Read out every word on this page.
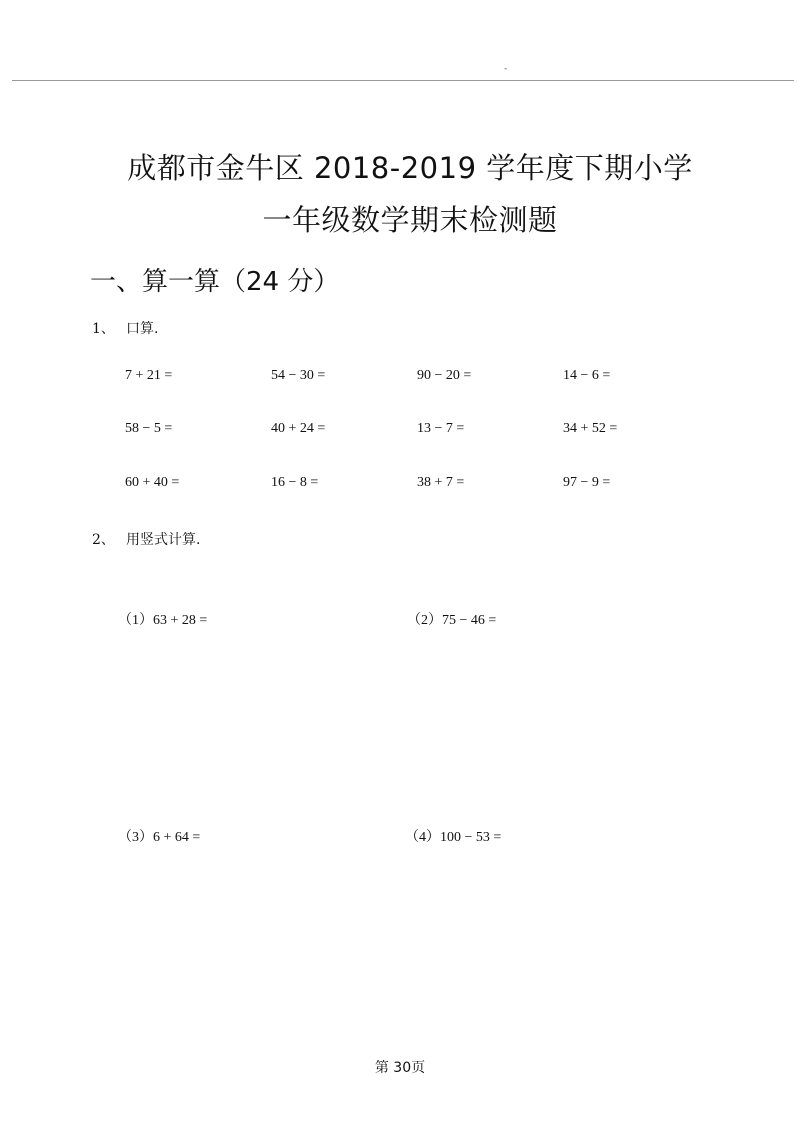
-
成都市金牛区 2018-2019 学年度下期小学
一年级数学期末检测题
一、算一算（24 分）
1、 口算.
7 + 21 =	54 − 30 =	90 − 20 =	14 − 6 =
58 − 5 =	40 + 24 =	13 − 7 =	34 + 52 =
60 + 40 =	16 − 8 =	38 + 7 =	97 − 9 =
2、 用竖式计算.
（1）63 + 28 =	（2）75 − 46 =
（3）6 + 64 =	（4）100 − 53 =
第 30页
